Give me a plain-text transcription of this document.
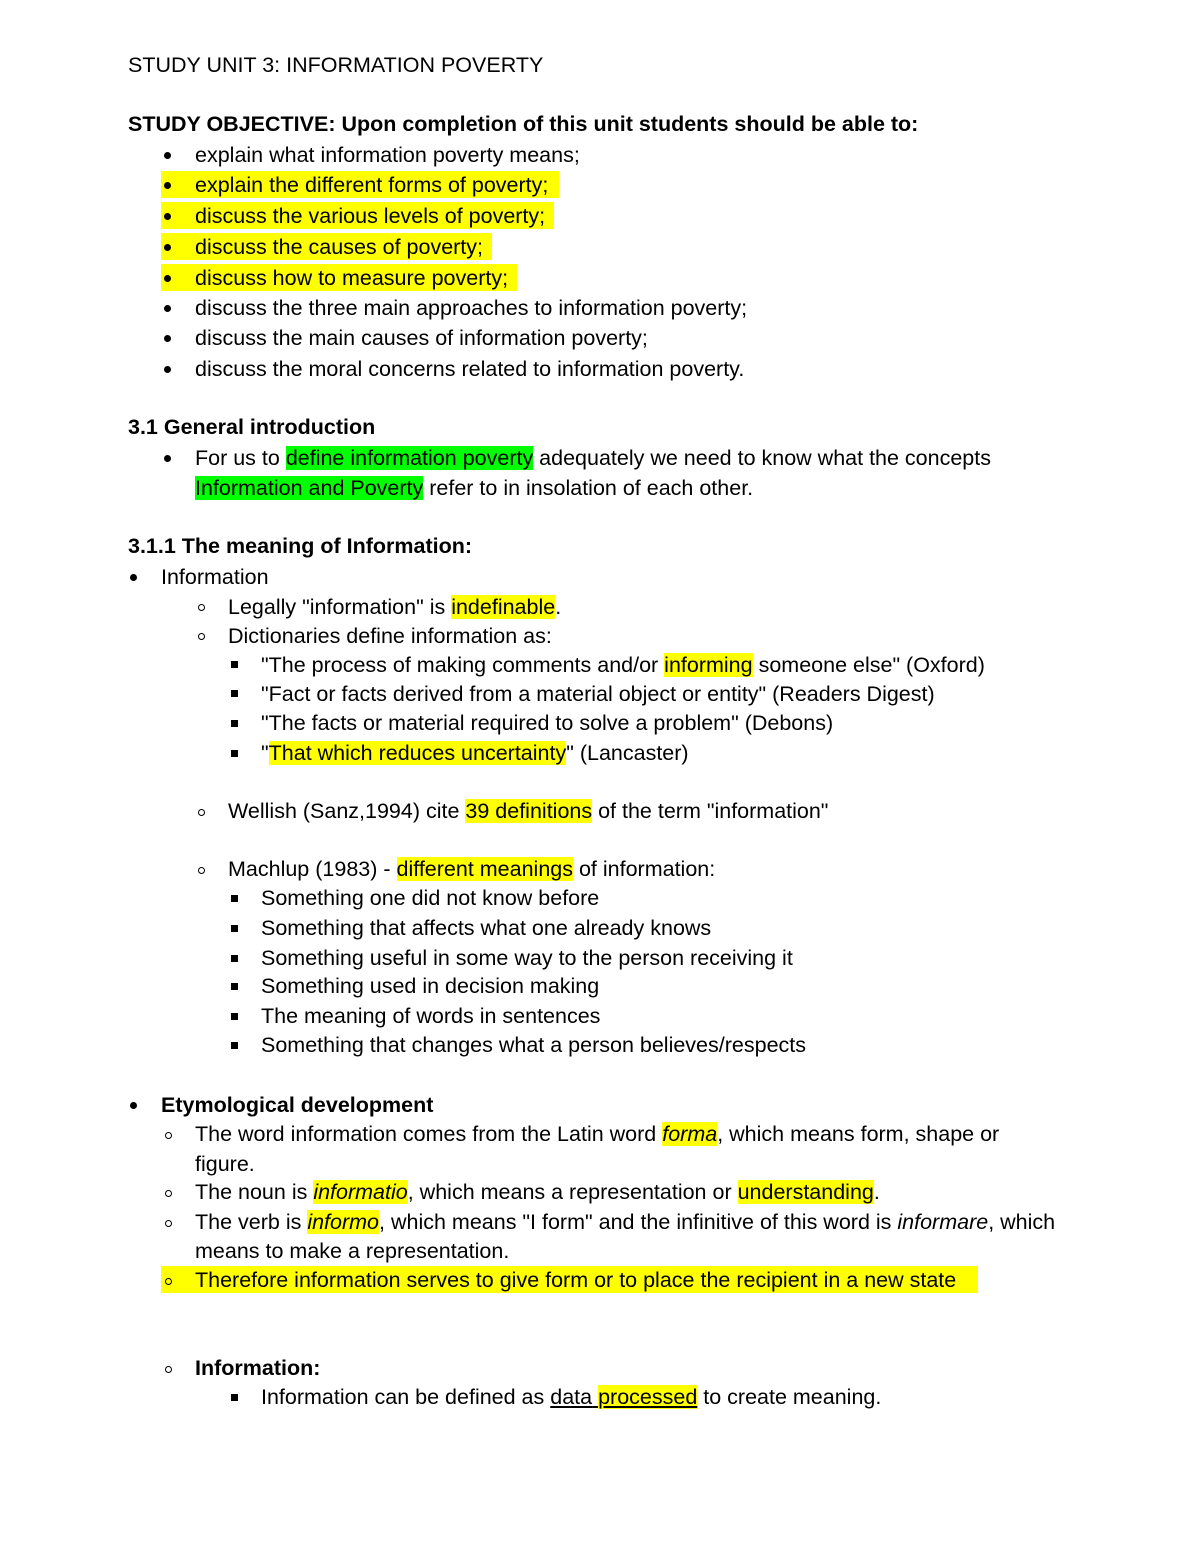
STUDY UNIT 3: INFORMATION POVERTY
STUDY OBJECTIVE: Upon completion of this unit students should be able to:
explain what information poverty means;
explain the different forms of poverty;
discuss the various levels of poverty;
discuss the causes of poverty;
discuss how to measure poverty;
discuss the three main approaches to information poverty;
discuss the main causes of information poverty;
discuss the moral concerns related to information poverty.
3.1 General introduction
For us to define information poverty adequately we need to know what the concepts
Information and Poverty refer to in insolation of each other.
3.1.1 The meaning of Information:
Information
Legally "information" is indefinable.
Dictionaries define information as:
"The process of making comments and/or informing someone else" (Oxford)
"Fact or facts derived from a material object or entity" (Readers Digest)
"The facts or material required to solve a problem" (Debons)
"That which reduces uncertainty" (Lancaster)
Wellish (Sanz,1994) cite 39 definitions of the term "information"
Machlup (1983) - different meanings of information:
Something one did not know before
Something that affects what one already knows
Something useful in some way to the person receiving it
Something used in decision making
The meaning of words in sentences
Something that changes what a person believes/respects
Etymological development
The word information comes from the Latin word forma, which means form, shape or
figure.
The noun is informatio, which means a representation or understanding.
The verb is informo, which means "I form" and the infinitive of this word is informare, which
means to make a representation.
Therefore information serves to give form or to place the recipient in a new state
Information:
Information can be defined as data processed to create meaning.
